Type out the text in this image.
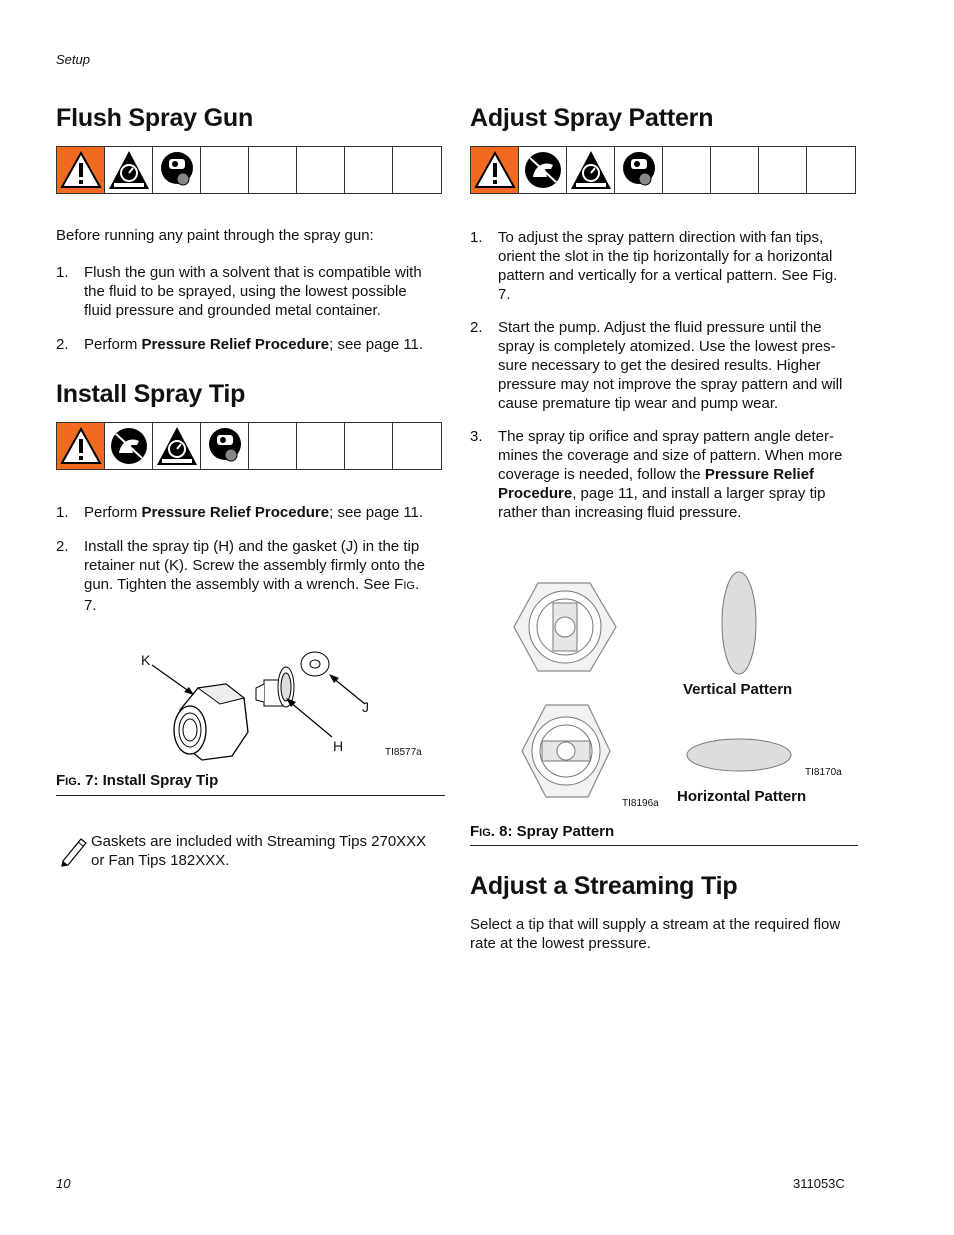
Setup
Flush Spray Gun
Before running any paint through the spray gun:
1. Flush the gun with a solvent that is compatible with
the fluid to be sprayed, using the lowest possible
fluid pressure and grounded metal container.
2. Perform Pressure Relief Procedure; see page 11.
Install Spray Tip
1. Perform Pressure Relief Procedure; see page 11.
2. Install the spray tip (H) and the gasket (J) in the tip
retainer nut (K). Screw the assembly firmly onto the
gun. Tighten the assembly with a wrench. See FIG.
7.
K
J
H	TI8577a
FIG. 7: Install Spray Tip
Gaskets are included with Streaming Tips 270XXX
or Fan Tips 182XXX.
Adjust Spray Pattern
1. To adjust the spray pattern direction with fan tips,
orient the slot in the tip horizontally for a horizontal
pattern and vertically for a vertical pattern. See Fig.
7.
2. Start the pump. Adjust the fluid pressure until the
spray is completely atomized. Use the lowest pres-
sure necessary to get the desired results. Higher
pressure may not improve the spray pattern and will
cause premature tip wear and pump wear.
3. The spray tip orifice and spray pattern angle deter-
mines the coverage and size of pattern. When more
coverage is needed, follow the Pressure Relief
Procedure, page 11, and install a larger spray tip
rather than increasing fluid pressure.
Vertical Pattern
TI8170a
Horizontal Pattern
TI8196a
FIG. 8: Spray Pattern
Adjust a Streaming Tip
Select a tip that will supply a stream at the required flow
rate at the lowest pressure.
10	311053C
